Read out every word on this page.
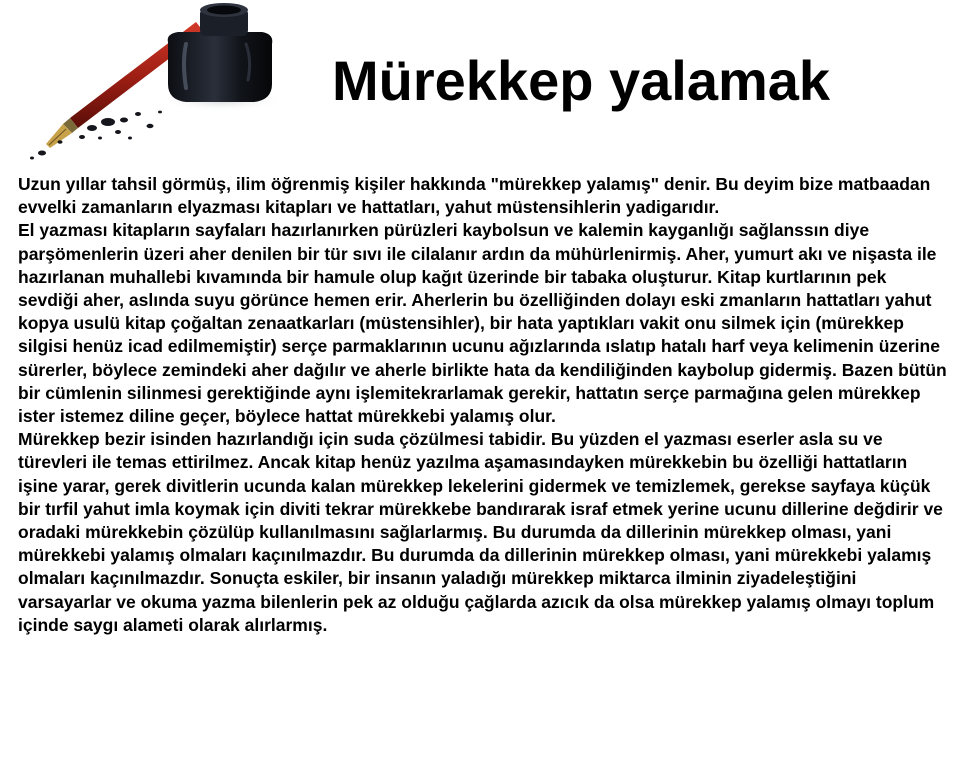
Mürekkep yalamak

Uzun yıllar tahsil görmüş, ilim öğrenmiş kişiler hakkında "mürekkep yalamış" denir. Bu deyim bize matbaadan evvelki zamanların elyazması kitapları ve hattatları, yahut müstensihlerin yadigarıdır.

El yazması kitapların sayfaları hazırlanırken pürüzleri kaybolsun ve kalemin kayganlığı sağlanssın diye parşömenlerin üzeri aher denilen bir tür sıvı ile cilalanır ardın da mühürlenirmiş. Aher, yumurt akı ve nişasta ile hazırlanan muhallebi kıvamında bir hamule olup kağıt üzerinde bir tabaka oluşturur. Kitap kurtlarının pek sevdiği aher, aslında suyu görünce hemen erir. Aherlerin bu özelliğinden dolayı eski zmanların hattatları yahut kopya usulü kitap çoğaltan zenaatkarları (müstensihler), bir hata yaptıkları vakit onu silmek için (mürekkep silgisi henüz icad edilmemiştir) serçe parmaklarının ucunu ağızlarında ıslatıp hatalı harf veya kelimenin üzerine sürerler, böylece zemindeki aher dağılır ve aherle birlikte hata da kendiliğinden kaybolup gidermiş. Bazen bütün bir cümlenin silinmesi gerektiğinde aynı işlemitekrarlamak gerekir, hattatın serçe parmağına gelen mürekkep ister istemez diline geçer, böylece hattat mürekkebi yalamış olur.

Mürekkep bezir isinden hazırlandığı için suda çözülmesi tabidir. Bu yüzden el yazması eserler asla su ve türevleri ile temas ettirilmez. Ancak kitap henüz yazılma aşamasındayken mürekkebin bu özelliği hattatların işine yarar, gerek divitlerin ucunda kalan mürekkep lekelerini gidermek ve temizlemek, gerekse sayfaya küçük bir tırfil yahut imla koymak için diviti tekrar mürekkebe bandırarak israf etmek yerine ucunu dillerine değdirir ve oradaki mürekkebin çözülüp kullanılmasını sağlarlarmış. Bu durumda da dillerinin mürekkep olması, yani mürekkebi yalamış olmaları kaçınılmazdır. Bu durumda da dillerinin mürekkep olması, yani mürekkebi yalamış olmaları kaçınılmazdır. Sonuçta eskiler, bir insanın yaladığı mürekkep miktarca ilminin ziyadeleştiğini varsayarlar ve okuma yazma bilenlerin pek az olduğu çağlarda azıcık da olsa mürekkep yalamış olmayı toplum içinde saygı alameti olarak alırlarmış.
